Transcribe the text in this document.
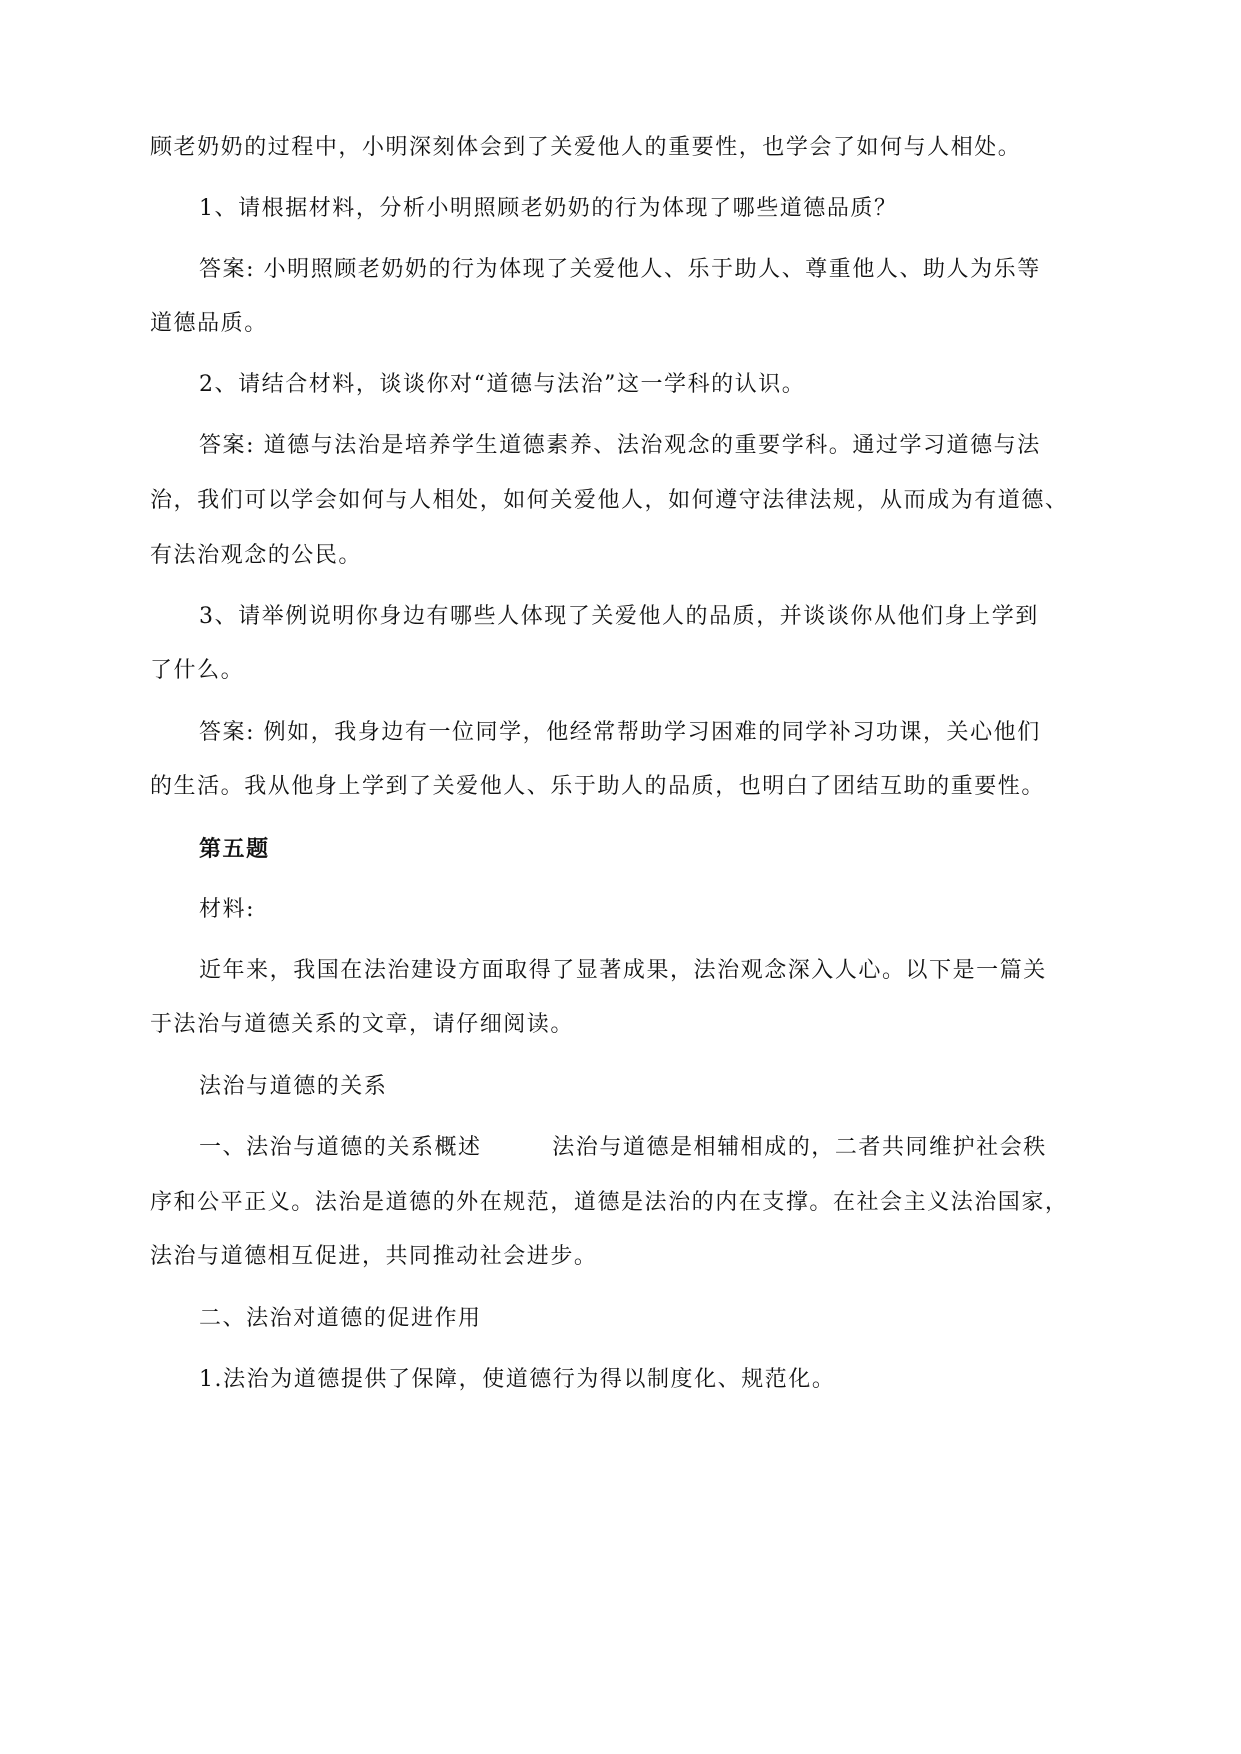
顾老奶奶的过程中，小明深刻体会到了关爱他人的重要性，也学会了如何与人相处。

1、请根据材料，分析小明照顾老奶奶的行为体现了哪些道德品质？

答案: 小明照顾老奶奶的行为体现了关爱他人、乐于助人、尊重他人、助人为乐等

道德品质。

2、请结合材料，谈谈你对“道德与法治”这一学科的认识。

答案: 道德与法治是培养学生道德素养、法治观念的重要学科。通过学习道德与法

治，我们可以学会如何与人相处，如何关爱他人，如何遵守法律法规，从而成为有道德、

有法治观念的公民。

3、请举例说明你身边有哪些人体现了关爱他人的品质，并谈谈你从他们身上学到

了什么。

答案: 例如，我身边有一位同学，他经常帮助学习困难的同学补习功课，关心他们

的生活。我从他身上学到了关爱他人、乐于助人的品质，也明白了团结互助的重要性。

第五题

材料:

近年来，我国在法治建设方面取得了显著成果，法治观念深入人心。以下是一篇关

于法治与道德关系的文章，请仔细阅读。

法治与道德的关系

一、法治与道德的关系概述　　　法治与道德是相辅相成的，二者共同维护社会秩

序和公平正义。法治是道德的外在规范，道德是法治的内在支撑。在社会主义法治国家，

法治与道德相互促进，共同推动社会进步。

二、法治对道德的促进作用

1.法治为道德提供了保障，使道德行为得以制度化、规范化。
